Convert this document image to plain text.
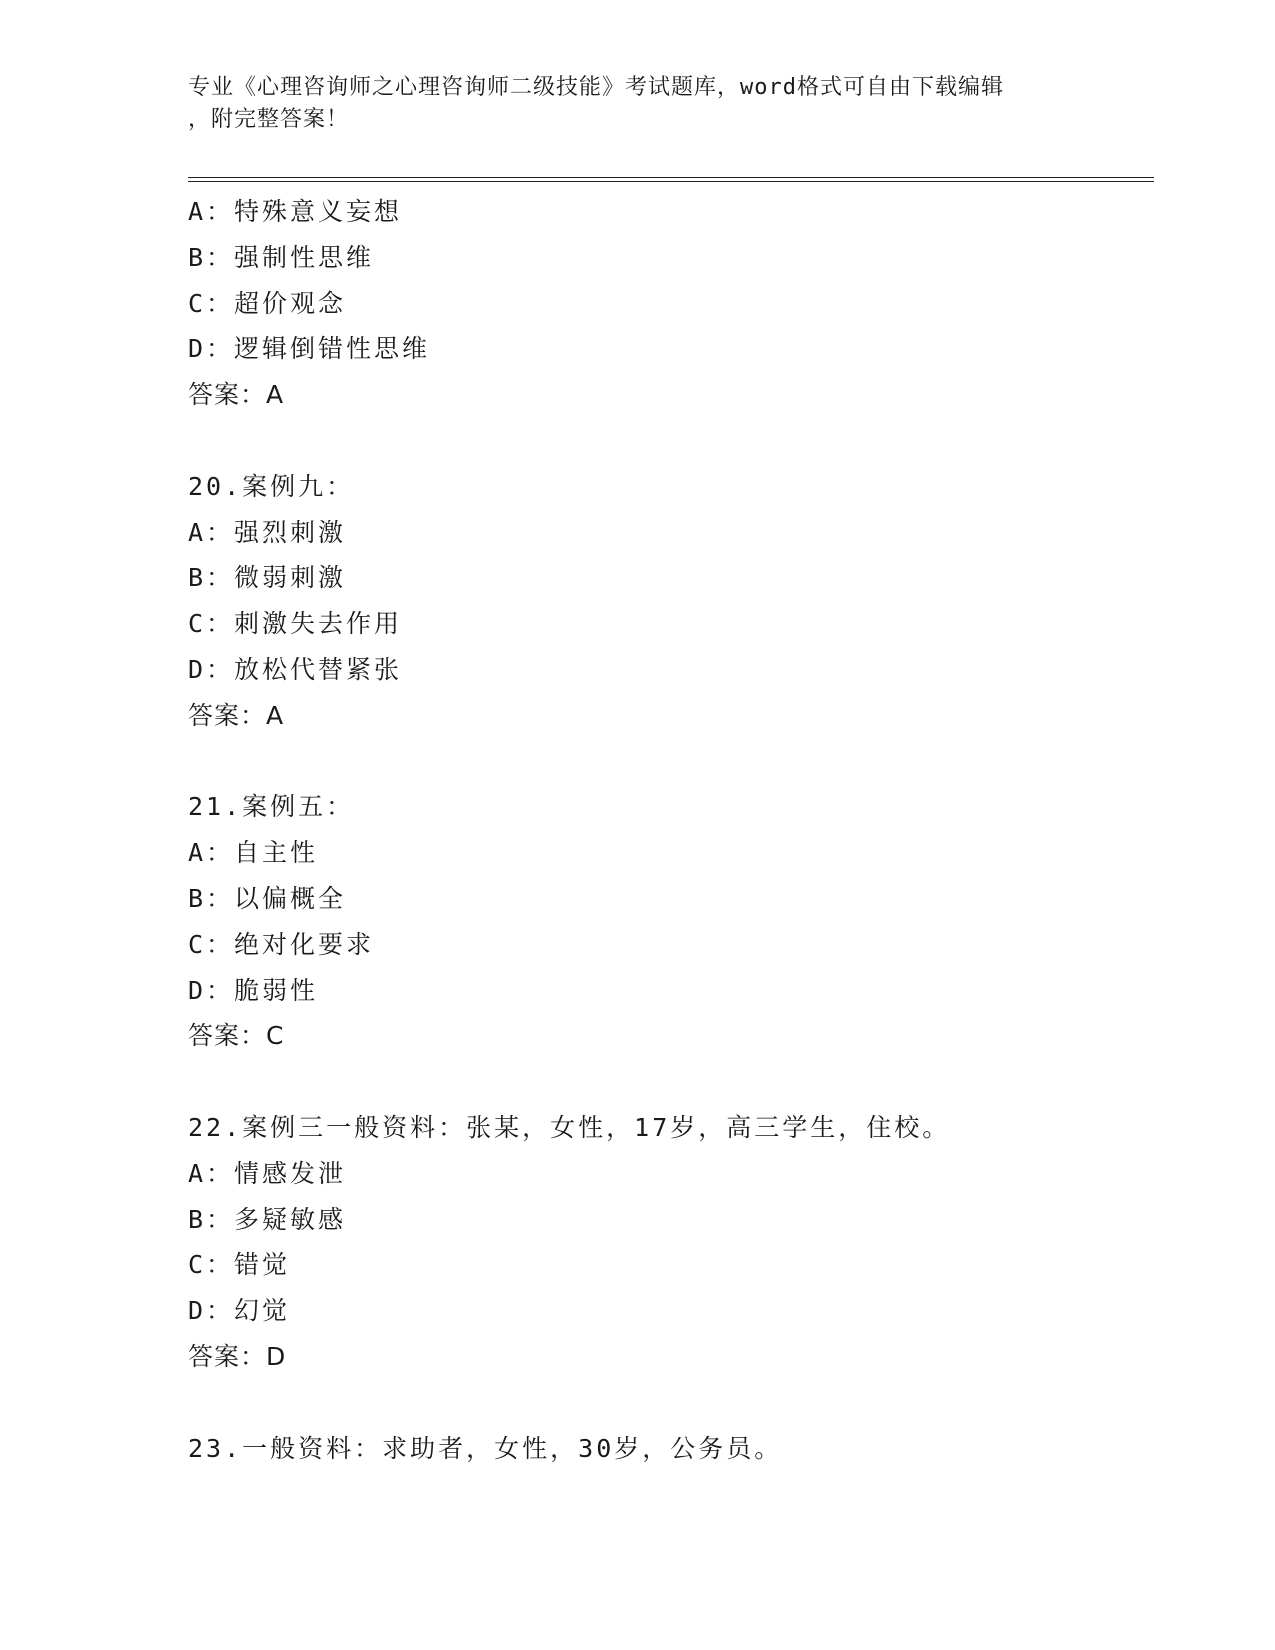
专业《心理咨询师之心理咨询师二级技能》考试题库，word格式可自由下载编辑
，附完整答案！
A：特殊意义妄想
B：强制性思维
C：超价观念
D：逻辑倒错性思维
答案：A
20.案例九：
A：强烈刺激
B：微弱刺激
C：刺激失去作用
D：放松代替紧张
答案：A
21.案例五：
A：自主性
B：以偏概全
C：绝对化要求
D：脆弱性
答案：C
22.案例三一般资料：张某，女性，17岁，高三学生，住校。
A：情感发泄
B：多疑敏感
C：错觉
D：幻觉
答案：D
23.一般资料：求助者，女性，30岁，公务员。
